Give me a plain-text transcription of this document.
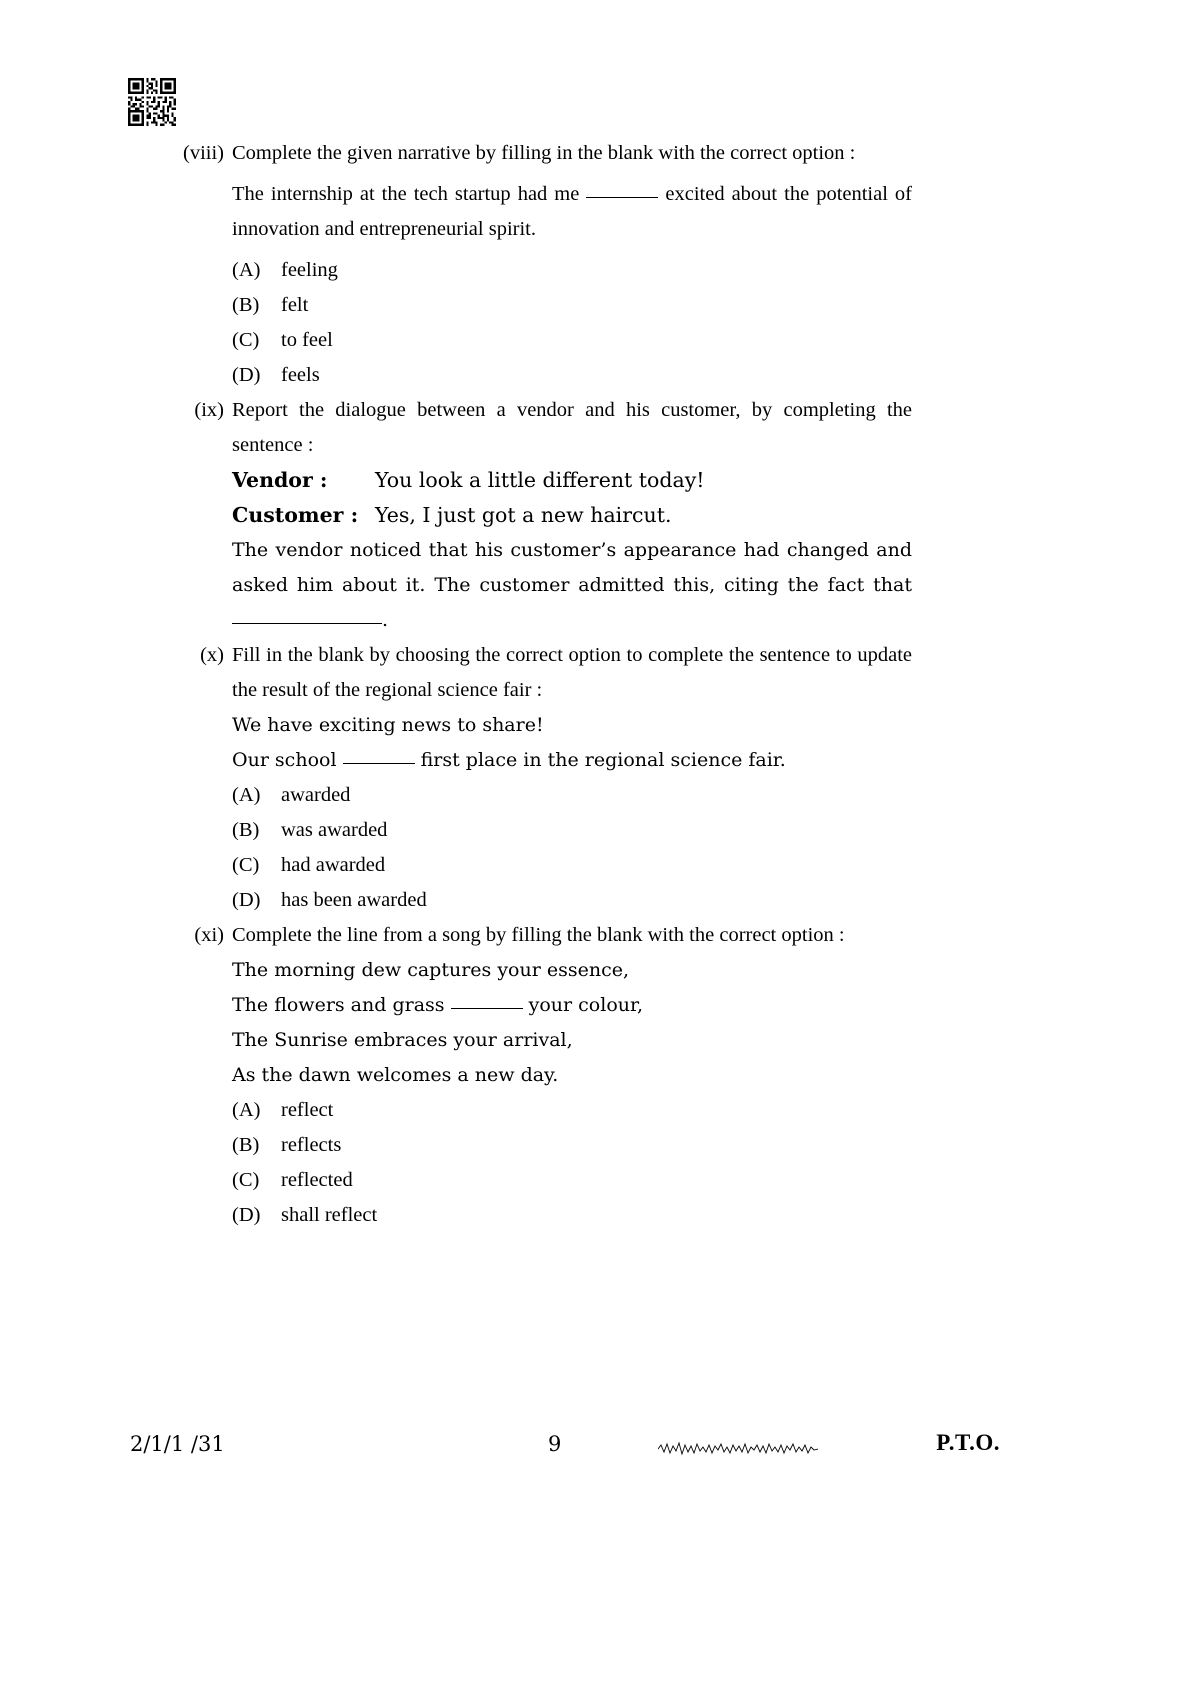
(viii) Complete the given narrative by filling in the blank with the correct option :
The internship at the tech startup had me	excited about the potential of innovation and entrepreneurial spirit.
(A)	feeling
(B)	felt
(C)	to feel
(D)	feels
(ix) Report the dialogue between a vendor and his customer, by completing the sentence :
Vendor :	You look a little different today!
Customer : Yes, I just got a new haircut.
The vendor noticed that his customer’s appearance had changed and asked him about it. The customer admitted this, citing the fact that .
(x) Fill in the blank by choosing the correct option to complete the sentence to update the result of the regional science fair :
We have exciting news to share!
Our school	first place in the regional science fair.
(A)	awarded
(B)	was awarded
(C)	had awarded
(D)	has been awarded
(xi) Complete the line from a song by filling the blank with the correct option :
The morning dew captures your essence,
The flowers and grass	your colour,
The Sunrise embraces your arrival,
As the dawn welcomes a new day.
(A)	reflect
(B)	reflects
(C)	reflected
(D)	shall reflect
2/1/1 /31	9	P.T.O.
